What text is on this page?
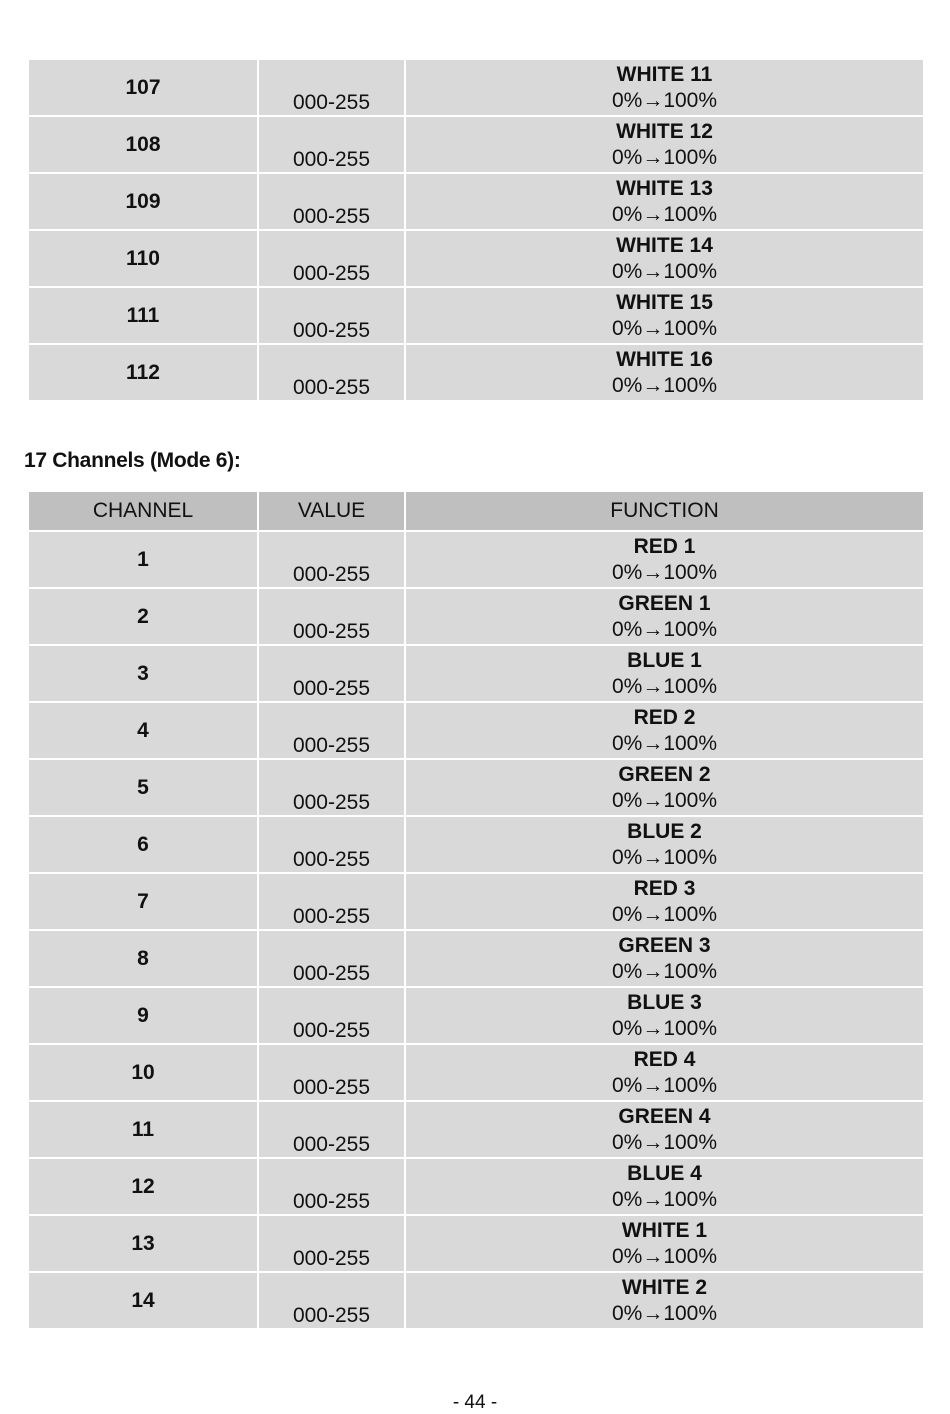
107	000-255	WHITE 11
0%→100%

108	000-255	WHITE 12
0%→100%

109	000-255	WHITE 13
0%→100%

110	000-255	WHITE 14
0%→100%

111	000-255	WHITE 15
0%→100%

112	000-255	WHITE 16
0%→100%
17 Channels (Mode 6):
CHANNEL	VALUE	FUNCTION
1	000-255	RED 1
0%→100%

2	000-255	GREEN 1
0%→100%

3	000-255	BLUE 1
0%→100%

4	000-255	RED 2
0%→100%

5	000-255	GREEN 2
0%→100%

6	000-255	BLUE 2
0%→100%

7	000-255	RED 3
0%→100%

8	000-255	GREEN 3
0%→100%

9	000-255	BLUE 3
0%→100%

10	000-255	RED 4
0%→100%

11	000-255	GREEN 4
0%→100%

12	000-255	BLUE 4
0%→100%

13	000-255	WHITE 1
0%→100%

14	000-255	WHITE 2
0%→100%
- 44 -
